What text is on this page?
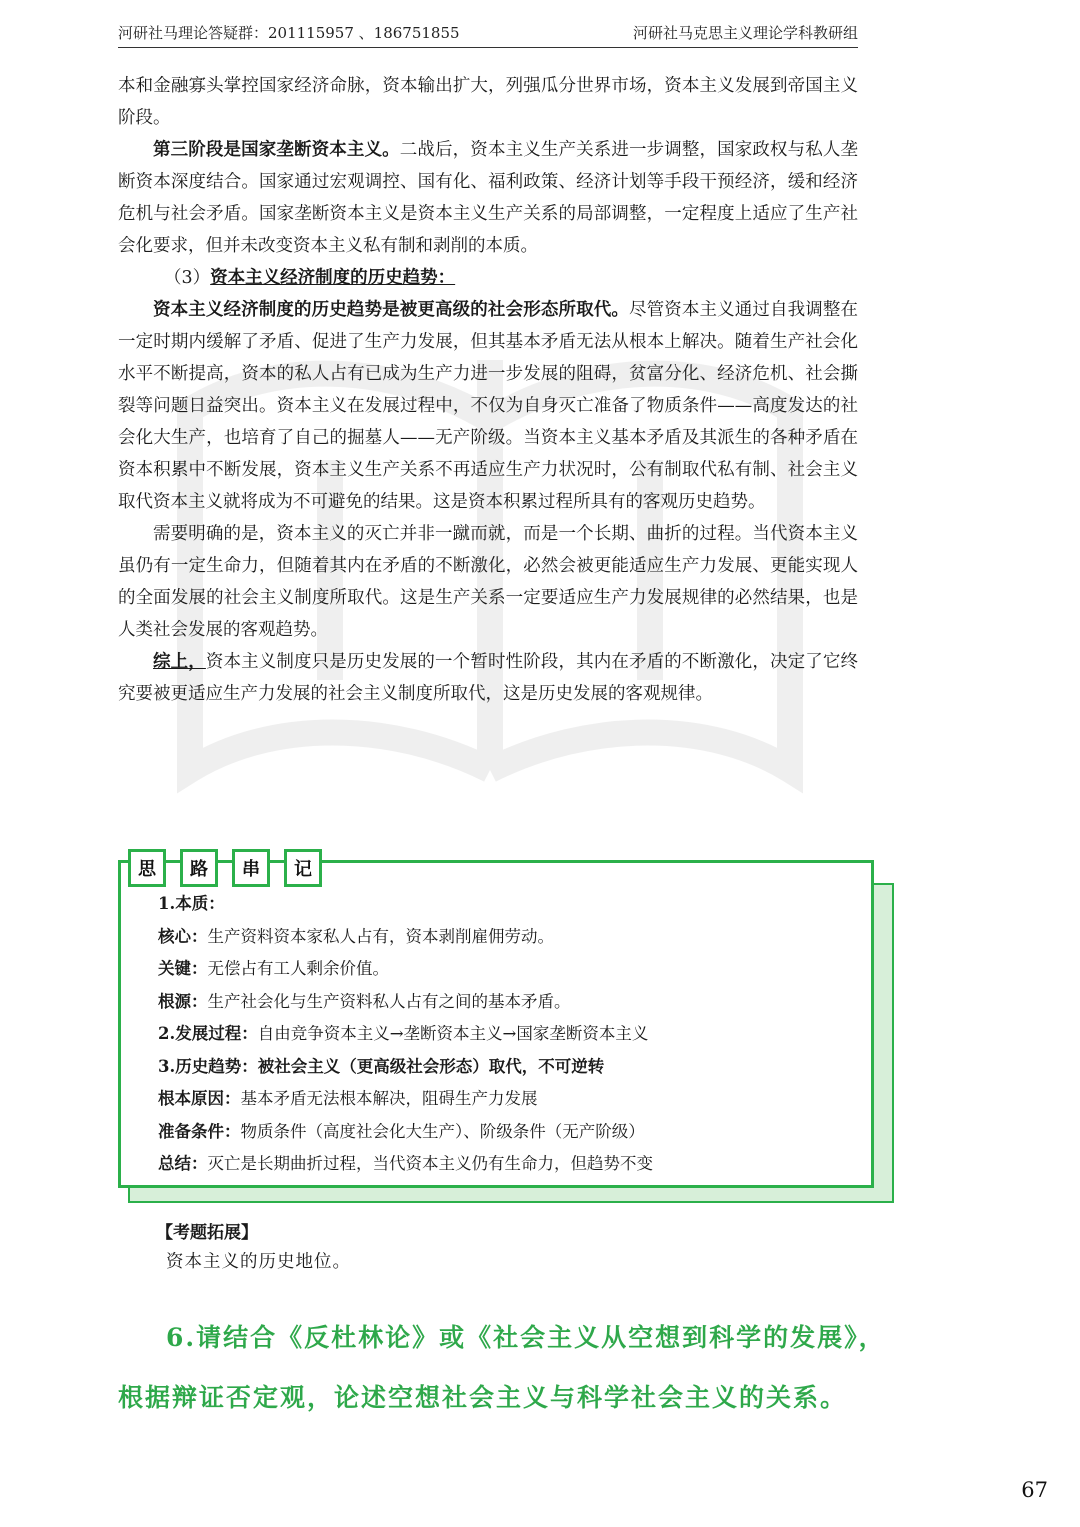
河研社马理论答疑群：201115957 、186751855	河研社马克思主义理论学科教研组

本和金融寡头掌控国家经济命脉，资本输出扩大，列强瓜分世界市场，资本主义发展到帝国主义阶段。

第三阶段是国家垄断资本主义。二战后，资本主义生产关系进一步调整，国家政权与私人垄断资本深度结合。国家通过宏观调控、国有化、福利政策、经济计划等手段干预经济，缓和经济危机与社会矛盾。国家垄断资本主义是资本主义生产关系的局部调整，一定程度上适应了生产社会化要求，但并未改变资本主义私有制和剥削的本质。

（3）资本主义经济制度的历史趋势：

资本主义经济制度的历史趋势是被更高级的社会形态所取代。尽管资本主义通过自我调整在一定时期内缓解了矛盾、促进了生产力发展，但其基本矛盾无法从根本上解决。随着生产社会化水平不断提高，资本的私人占有已成为生产力进一步发展的阻碍，贫富分化、经济危机、社会撕裂等问题日益突出。资本主义在发展过程中，不仅为自身灭亡准备了物质条件——高度发达的社会化大生产，也培育了自己的掘墓人——无产阶级。当资本主义基本矛盾及其派生的各种矛盾在资本积累中不断发展，资本主义生产关系不再适应生产力状况时，公有制取代私有制、社会主义取代资本主义就将成为不可避免的结果。这是资本积累过程所具有的客观历史趋势。

需要明确的是，资本主义的灭亡并非一蹴而就，而是一个长期、曲折的过程。当代资本主义虽仍有一定生命力，但随着其内在矛盾的不断激化，必然会被更能适应生产力发展、更能实现人的全面发展的社会主义制度所取代。这是生产关系一定要适应生产力发展规律的必然结果，也是人类社会发展的客观趋势。

综上，资本主义制度只是历史发展的一个暂时性阶段，其内在矛盾的不断激化，决定了它终究要被更适应生产力发展的社会主义制度所取代，这是历史发展的客观规律。

思	路	串	记
1.本质：
核心：生产资料资本家私人占有，资本剥削雇佣劳动。
关键：无偿占有工人剩余价值。
根源：生产社会化与生产资料私人占有之间的基本矛盾。
2.发展过程：自由竞争资本主义→垄断资本主义→国家垄断资本主义
3.历史趋势：被社会主义（更高级社会形态）取代，不可逆转
根本原因：基本矛盾无法根本解决，阻碍生产力发展
准备条件：物质条件（高度社会化大生产）、阶级条件（无产阶级）
总结：灭亡是长期曲折过程，当代资本主义仍有生命力，但趋势不变
【考题拓展】
资本主义的历史地位。
6.请结合《反杜林论》或《社会主义从空想到科学的发展》，
根据辩证否定观，论述空想社会主义与科学社会主义的关系。
67
